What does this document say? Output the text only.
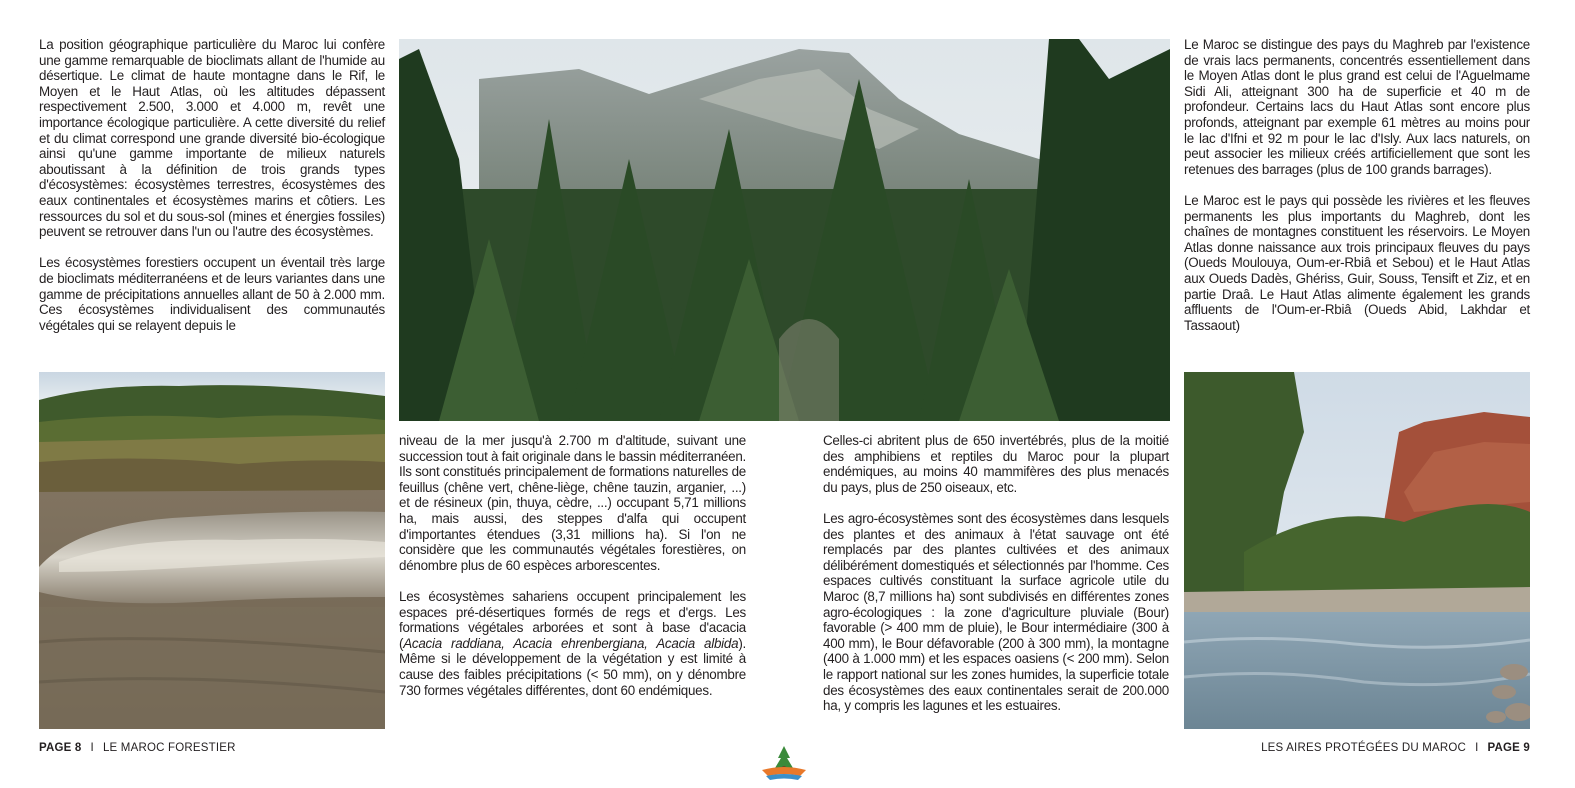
La position géographique particulière du Maroc lui confère une gamme remarquable de bioclimats allant de l'humide au désertique. Le climat de haute montagne dans le Rif, le Moyen et le Haut Atlas, où les altitudes dépassent respectivement 2.500, 3.000 et 4.000 m, revêt une importance écologique particulière. A cette diversité du relief et du climat correspond une grande diversité bio-écologique ainsi qu'une gamme importante de milieux naturels aboutissant à la définition de trois grands types d'écosystèmes: écosystèmes terrestres, écosystèmes des eaux continentales et écosystèmes marins et côtiers. Les ressources du sol et du sous-sol (mines et énergies fossiles) peuvent se retrouver dans l'un ou l'autre des écosystèmes.

Les écosystèmes forestiers occupent un éventail très large de bioclimats méditerranéens et de leurs variantes dans une gamme de précipitations annuelles allant de 50 à 2.000 mm. Ces écosystèmes individualisent des communautés végétales qui se relayent depuis le

niveau de la mer jusqu'à 2.700 m d'altitude, suivant une succession tout à fait originale dans le bassin méditerranéen. Ils sont constitués principalement de formations naturelles de feuillus (chêne vert, chêne-liège, chêne tauzin, arganier, ...) et de résineux (pin, thuya, cèdre, ...) occupant 5,71 millions ha, mais aussi, des steppes d'alfa qui occupent d'importantes étendues (3,31 millions ha). Si l'on ne considère que les communautés végétales forestières, on dénombre plus de 60 espèces arborescentes.

Les écosystèmes sahariens occupent principalement les espaces pré-désertiques formés de regs et d'ergs. Les formations végétales arborées et sont à base d'acacia (Acacia raddiana, Acacia ehrenbergiana, Acacia albida). Même si le développement de la végétation y est limité à cause des faibles précipitations (< 50 mm), on y dénombre 730 formes végétales différentes, dont 60 endémiques.

Celles-ci abritent plus de 650 invertébrés, plus de la moitié des amphibiens et reptiles du Maroc pour la plupart endémiques, au moins 40 mammifères des plus menacés du pays, plus de 250 oiseaux, etc.

Les agro-écosystèmes sont des écosystèmes dans lesquels des plantes et des animaux à l'état sauvage ont été remplacés par des plantes cultivées et des animaux délibérément domestiqués et sélectionnés par l'homme. Ces espaces cultivés constituant la surface agricole utile du Maroc (8,7 millions ha) sont subdivisés en différentes zones agro-écologiques : la zone d'agriculture pluviale (Bour) favorable (> 400 mm de pluie), le Bour intermédiaire (300 à 400 mm), le Bour défavorable (200 à 300 mm), la montagne (400 à 1.000 mm) et les espaces oasiens (< 200 mm). Selon le rapport national sur les zones humides, la superficie totale des écosystèmes des eaux continentales serait de 200.000 ha, y compris les lagunes et les estuaires.

Le Maroc se distingue des pays du Maghreb par l'existence de vrais lacs permanents, concentrés essentiellement dans le Moyen Atlas dont le plus grand est celui de l'Aguelmame Sidi Ali, atteignant 300 ha de superficie et 40 m de profondeur. Certains lacs du Haut Atlas sont encore plus profonds, atteignant par exemple 61 mètres au moins pour le lac d'Ifni et 92 m pour le lac d'Isly. Aux lacs naturels, on peut associer les milieux créés artificiellement que sont les retenues des barrages (plus de 100 grands barrages).

Le Maroc est le pays qui possède les rivières et les fleuves permanents les plus importants du Maghreb, dont les chaînes de montagnes constituent les réservoirs. Le Moyen Atlas donne naissance aux trois principaux fleuves du pays (Oueds Moulouya, Oum-er-Rbiâ et Sebou) et le Haut Atlas aux Oueds Dadès, Ghériss, Guir, Souss, Tensift et Ziz, et en partie Draâ. Le Haut Atlas alimente également les grands affluents de l'Oum-er-Rbiâ (Oueds Abid, Lakhdar et Tassaout)

PAGE 8 I LE MAROC FORESTIER	LES AIRES PROTÉGÉES DU MAROC I PAGE 9
